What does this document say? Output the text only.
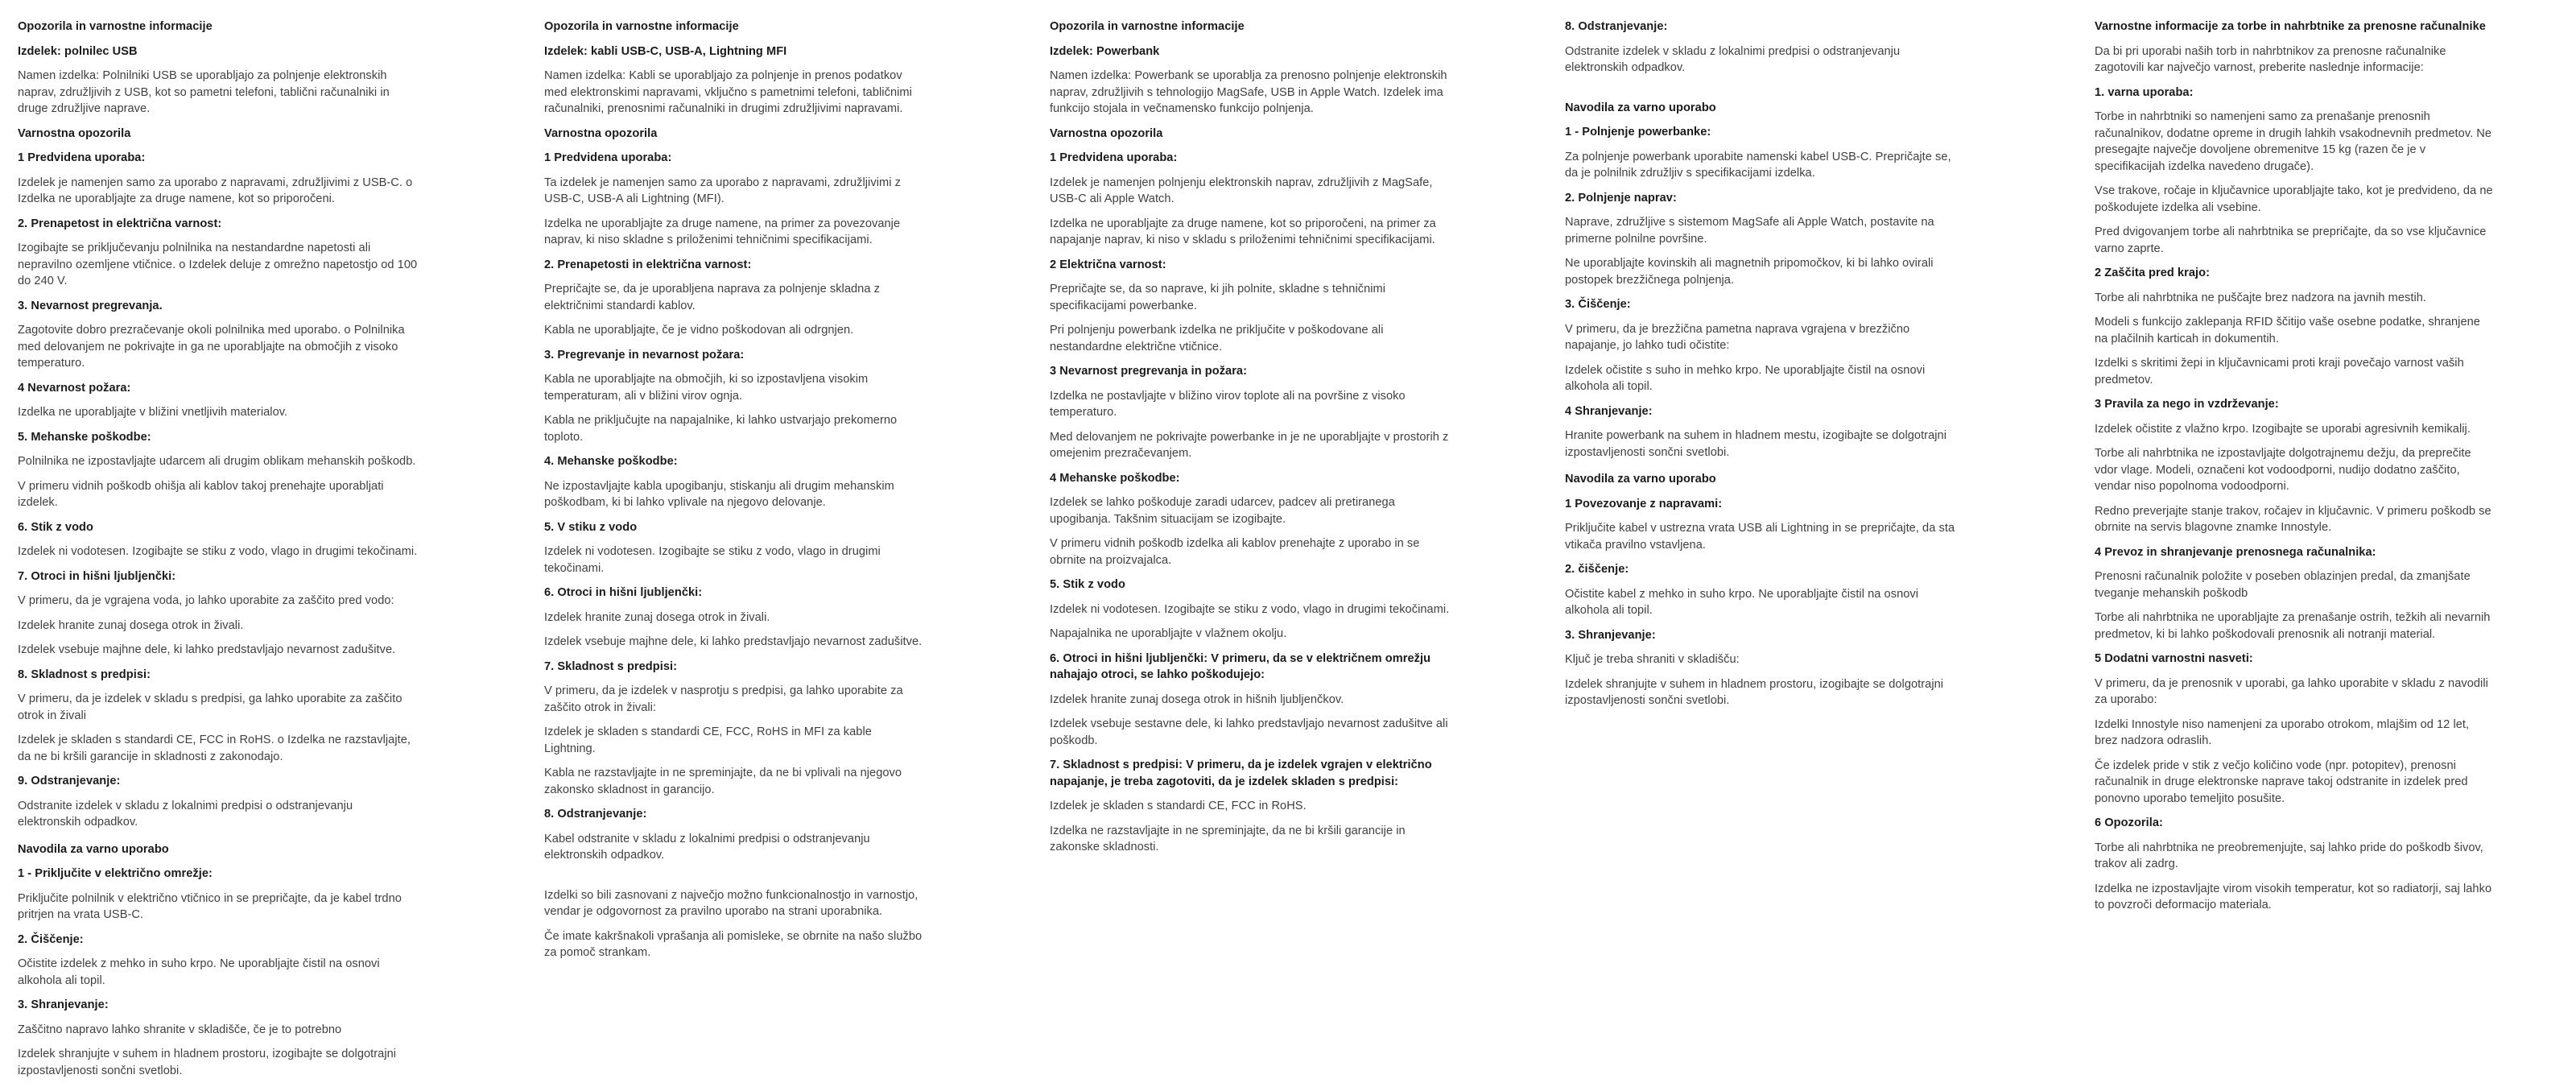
Opozorila in varnostne informacije

Izdelek: polnilec USB

Namen izdelka: Polnilniki USB se uporabljajo za polnjenje elektronskih naprav, združljivih z USB, kot so pametni telefoni, tablični računalniki in druge združljive naprave.

Varnostna opozorila

1 Predvidena uporaba:

Izdelek je namenjen samo za uporabo z napravami, združljivimi z USB-C. o Izdelka ne uporabljajte za druge namene, kot so priporočeni.

2. Prenapetost in električna varnost:

Izogibajte se priključevanju polnilnika na nestandardne napetosti ali nepravilno ozemljene vtičnice. o Izdelek deluje z omrežno napetostjo od 100 do 240 V.

3. Nevarnost pregrevanja.

Zagotovite dobro prezračevanje okoli polnilnika med uporabo. o Polnilnika med delovanjem ne pokrivajte in ga ne uporabljajte na območjih z visoko temperaturo.

4 Nevarnost požara:

Izdelka ne uporabljajte v bližini vnetljivih materialov.

5. Mehanske poškodbe:

Polnilnika ne izpostavljajte udarcem ali drugim oblikam mehanskih poškodb.

V primeru vidnih poškodb ohišja ali kablov takoj prenehajte uporabljati izdelek.

6. Stik z vodo

Izdelek ni vodotesen. Izogibajte se stiku z vodo, vlago in drugimi tekočinami.

7. Otroci in hišni ljubljenčki:

V primeru, da je vgrajena voda, jo lahko uporabite za zaščito pred vodo:

Izdelek hranite zunaj dosega otrok in živali.

Izdelek vsebuje majhne dele, ki lahko predstavljajo nevarnost zadušitve.

8. Skladnost s predpisi:

V primeru, da je izdelek v skladu s predpisi, ga lahko uporabite za zaščito otrok in živali

Izdelek je skladen s standardi CE, FCC in RoHS. o Izdelka ne razstavljajte, da ne bi kršili garancije in skladnosti z zakonodajo.

9. Odstranjevanje:

Odstranite izdelek v skladu z lokalnimi predpisi o odstranjevanju elektronskih odpadkov.

Navodila za varno uporabo

1 - Priključite v električno omrežje:

Priključite polnilnik v električno vtičnico in se prepričajte, da je kabel trdno pritrjen na vrata USB-C.

2. Čiščenje:

Očistite izdelek z mehko in suho krpo. Ne uporabljajte čistil na osnovi alkohola ali topil.

3. Shranjevanje:

Zaščitno napravo lahko shranite v skladišče, če je to potrebno

Izdelek shranjujte v suhem in hladnem prostoru, izogibajte se dolgotrajni izpostavljenosti sončni svetlobi.

Opozorila in varnostne informacije

Izdelek: kabli USB-C, USB-A, Lightning MFI

Namen izdelka: Kabli se uporabljajo za polnjenje in prenos podatkov med elektronskimi napravami, vključno s pametnimi telefoni, tabličnimi računalniki, prenosnimi računalniki in drugimi združljivimi napravami.

Varnostna opozorila

1 Predvidena uporaba:

Ta izdelek je namenjen samo za uporabo z napravami, združljivimi z USB-C, USB-A ali Lightning (MFI).

Izdelka ne uporabljajte za druge namene, na primer za povezovanje naprav, ki niso skladne s priloženimi tehničnimi specifikacijami.

2. Prenapetosti in električna varnost:

Prepričajte se, da je uporabljena naprava za polnjenje skladna z električnimi standardi kablov.

Kabla ne uporabljajte, če je vidno poškodovan ali odrgnjen.

3. Pregrevanje in nevarnost požara:

Kabla ne uporabljajte na območjih, ki so izpostavljena visokim temperaturam, ali v bližini virov ognja.

Kabla ne priključujte na napajalnike, ki lahko ustvarjajo prekomerno toploto.

4. Mehanske poškodbe:

Ne izpostavljajte kabla upogibanju, stiskanju ali drugim mehanskim poškodbam, ki bi lahko vplivale na njegovo delovanje.

5. V stiku z vodo

Izdelek ni vodotesen. Izogibajte se stiku z vodo, vlago in drugimi tekočinami.

6. Otroci in hišni ljubljenčki:

Izdelek hranite zunaj dosega otrok in živali.

Izdelek vsebuje majhne dele, ki lahko predstavljajo nevarnost zadušitve.

7. Skladnost s predpisi:

V primeru, da je izdelek v nasprotju s predpisi, ga lahko uporabite za zaščito otrok in živali:

Izdelek je skladen s standardi CE, FCC, RoHS in MFI za kable Lightning.

Kabla ne razstavljajte in ne spreminjajte, da ne bi vplivali na njegovo zakonsko skladnost in garancijo.

8. Odstranjevanje:

Kabel odstranite v skladu z lokalnimi predpisi o odstranjevanju elektronskih odpadkov.

Izdelki so bili zasnovani z največjo možno funkcionalnostjo in varnostjo, vendar je odgovornost za pravilno uporabo na strani uporabnika.

Če imate kakršnakoli vprašanja ali pomisleke, se obrnite na našo službo za pomoč strankam.

Opozorila in varnostne informacije

Izdelek: Powerbank

Namen izdelka: Powerbank se uporablja za prenosno polnjenje elektronskih naprav, združljivih s tehnologijo MagSafe, USB in Apple Watch. Izdelek ima funkcijo stojala in večnamensko funkcijo polnjenja.

Varnostna opozorila

1 Predvidena uporaba:

Izdelek je namenjen polnjenju elektronskih naprav, združljivih z MagSafe, USB-C ali Apple Watch.

Izdelka ne uporabljajte za druge namene, kot so priporočeni, na primer za napajanje naprav, ki niso v skladu s priloženimi tehničnimi specifikacijami.

2 Električna varnost:

Prepričajte se, da so naprave, ki jih polnite, skladne s tehničnimi specifikacijami powerbanke.

Pri polnjenju powerbank izdelka ne priključite v poškodovane ali nestandardne električne vtičnice.

3 Nevarnost pregrevanja in požara:

Izdelka ne postavljajte v bližino virov toplote ali na površine z visoko temperaturo.

Med delovanjem ne pokrivajte powerbanke in je ne uporabljajte v prostorih z omejenim prezračevanjem.

4 Mehanske poškodbe:

Izdelek se lahko poškoduje zaradi udarcev, padcev ali pretiranega upogibanja. Takšnim situacijam se izogibajte.

V primeru vidnih poškodb izdelka ali kablov prenehajte z uporabo in se obrnite na proizvajalca.

5. Stik z vodo

Izdelek ni vodotesen. Izogibajte se stiku z vodo, vlago in drugimi tekočinami.

Napajalnika ne uporabljajte v vlažnem okolju.

6. Otroci in hišni ljubljenčki: V primeru, da se v električnem omrežju nahajajo otroci, se lahko poškodujejo:

Izdelek hranite zunaj dosega otrok in hišnih ljubljenčkov.

Izdelek vsebuje sestavne dele, ki lahko predstavljajo nevarnost zadušitve ali poškodb.

7. Skladnost s predpisi: V primeru, da je izdelek vgrajen v električno napajanje, je treba zagotoviti, da je izdelek skladen s predpisi:

Izdelek je skladen s standardi CE, FCC in RoHS.

Izdelka ne razstavljajte in ne spreminjajte, da ne bi kršili garancije in zakonske skladnosti.

8. Odstranjevanje:

Odstranite izdelek v skladu z lokalnimi predpisi o odstranjevanju elektronskih odpadkov.

Navodila za varno uporabo

1 - Polnjenje powerbanke:

Za polnjenje powerbank uporabite namenski kabel USB-C. Prepričajte se, da je polnilnik združljiv s specifikacijami izdelka.

2. Polnjenje naprav:

Naprave, združljive s sistemom MagSafe ali Apple Watch, postavite na primerne polnilne površine.

Ne uporabljajte kovinskih ali magnetnih pripomočkov, ki bi lahko ovirali postopek brezžičnega polnjenja.

3. Čiščenje:

V primeru, da je brezžična pametna naprava vgrajena v brezžično napajanje, jo lahko tudi očistite:

Izdelek očistite s suho in mehko krpo. Ne uporabljajte čistil na osnovi alkohola ali topil.

4 Shranjevanje:

Hranite powerbank na suhem in hladnem mestu, izogibajte se dolgotrajni izpostavljenosti sončni svetlobi.

Navodila za varno uporabo

1 Povezovanje z napravami:

Priključite kabel v ustrezna vrata USB ali Lightning in se prepričajte, da sta vtikača pravilno vstavljena.

2. čiščenje:

Očistite kabel z mehko in suho krpo. Ne uporabljajte čistil na osnovi alkohola ali topil.

3. Shranjevanje:

Ključ je treba shraniti v skladišču:

Izdelek shranjujte v suhem in hladnem prostoru, izogibajte se dolgotrajni izpostavljenosti sončni svetlobi.

Varnostne informacije za torbe in nahrbtnike za prenosne računalnike

Da bi pri uporabi naših torb in nahrbtnikov za prenosne računalnike zagotovili kar največjo varnost, preberite naslednje informacije:

1. varna uporaba:

Torbe in nahrbtniki so namenjeni samo za prenašanje prenosnih računalnikov, dodatne opreme in drugih lahkih vsakodnevnih predmetov. Ne presegajte največje dovoljene obremenitve 15 kg (razen če je v specifikacijah izdelka navedeno drugače).

Vse trakove, ročaje in ključavnice uporabljajte tako, kot je predvideno, da ne poškodujete izdelka ali vsebine.

Pred dvigovanjem torbe ali nahrbtnika se prepričajte, da so vse ključavnice varno zaprte.

2 Zaščita pred krajo:

Torbe ali nahrbtnika ne puščajte brez nadzora na javnih mestih.

Modeli s funkcijo zaklepanja RFID ščitijo vaše osebne podatke, shranjene na plačilnih karticah in dokumentih.

Izdelki s skritimi žepi in ključavnicami proti kraji povečajo varnost vaših predmetov.

3 Pravila za nego in vzdrževanje:

Izdelek očistite z vlažno krpo. Izogibajte se uporabi agresivnih kemikalij.

Torbe ali nahrbtnika ne izpostavljajte dolgotrajnemu dežju, da preprečite vdor vlage. Modeli, označeni kot vodoodporni, nudijo dodatno zaščito, vendar niso popolnoma vodoodporni.

Redno preverjajte stanje trakov, ročajev in ključavnic. V primeru poškodb se obrnite na servis blagovne znamke Innostyle.

4 Prevoz in shranjevanje prenosnega računalnika:

Prenosni računalnik položite v poseben oblazinjen predal, da zmanjšate tveganje mehanskih poškodb

Torbe ali nahrbtnika ne uporabljajte za prenašanje ostrih, težkih ali nevarnih predmetov, ki bi lahko poškodovali prenosnik ali notranji material.

5 Dodatni varnostni nasveti:

V primeru, da je prenosnik v uporabi, ga lahko uporabite v skladu z navodili za uporabo:

Izdelki Innostyle niso namenjeni za uporabo otrokom, mlajšim od 12 let, brez nadzora odraslih.

Če izdelek pride v stik z večjo količino vode (npr. potopitev), prenosni računalnik in druge elektronske naprave takoj odstranite in izdelek pred ponovno uporabo temeljito posušite.

6 Opozorila:

Torbe ali nahrbtnika ne preobremenjujte, saj lahko pride do poškodb šivov, trakov ali zadrg.

Izdelka ne izpostavljajte virom visokih temperatur, kot so radiatorji, saj lahko to povzroči deformacijo materiala.
